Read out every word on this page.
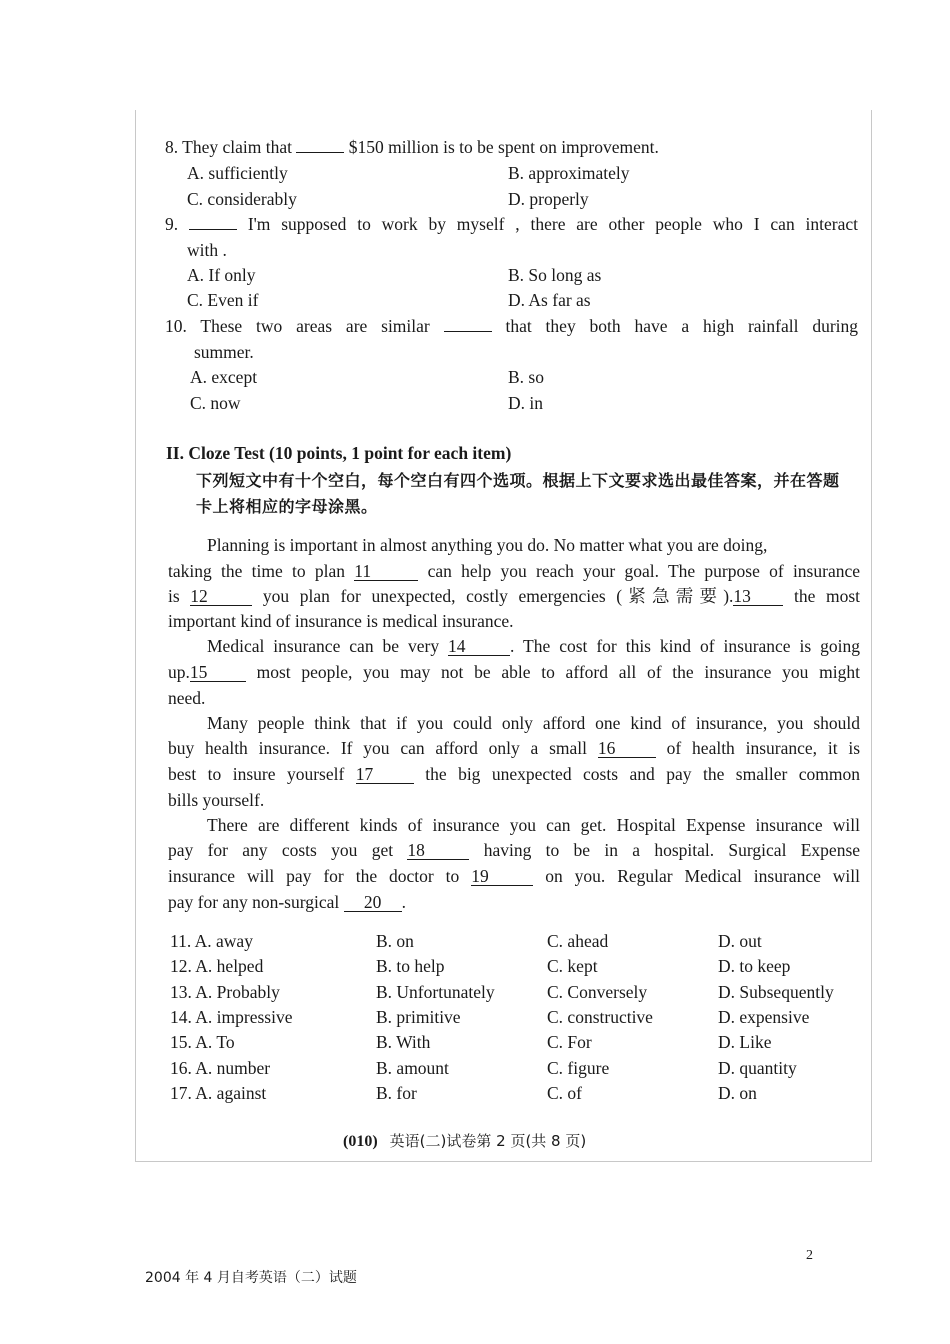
8. They claim that	$150 million is to be spent on improvement.
A. sufficiently	B. approximately
C. considerably	D. properly
9.	I'm supposed to work by myself , there are other people who I can interact
with .
A. If only	B. So long as
C. Even if	D. As far as
10. These two areas are similar	that they both have a high rainfall during
summer.
A. except	B. so
C. now	D. in
II. Cloze Test (10 points, 1 point for each item)
下列短文中有十个空白，每个空白有四个选项。根据上下文要求选出最佳答案，并在答题
卡上将相应的字母涂黑。
Planning is important in almost anything you do. No matter what you are doing,
taking the time to plan 11	can help you reach your goal. The purpose of insurance
is 12	you plan for unexpected, costly emergencies (紧急需要).13 the most
important kind of insurance is medical insurance.
Medical insurance can be very 14	. The cost for this kind of insurance is going
up.15	most people, you may not be able to afford all of the insurance you might
need.
Many people think that if you could only afford one kind of insurance, you should
buy health insurance. If you can afford only a small 16	of health insurance, it is
best to insure yourself 17	the big unexpected costs and pay the smaller common
bills yourself.
There are different kinds of insurance you can get. Hospital Expense insurance will
pay for any costs you get 18	having to be in a hospital. Surgical Expense
insurance will pay for the doctor to 19	on you. Regular Medical insurance will
pay for any non-surgical 20 .
11. A. away	B. on	C. ahead	D. out
12. A. helped	B. to help	C. kept	D. to keep
13. A. Probably	B. Unfortunately	C. Conversely	D. Subsequently
14. A. impressive	B. primitive	C. constructive	D. expensive
15. A. To	B. With	C. For	D. Like
16. A. number	B. amount	C. figure	D. quantity
17. A. against	B. for	C. of	D. on
(010) 英语(二)试卷第 2 页(共 8 页)
2
2004 年 4 月自考英语（二）试题
